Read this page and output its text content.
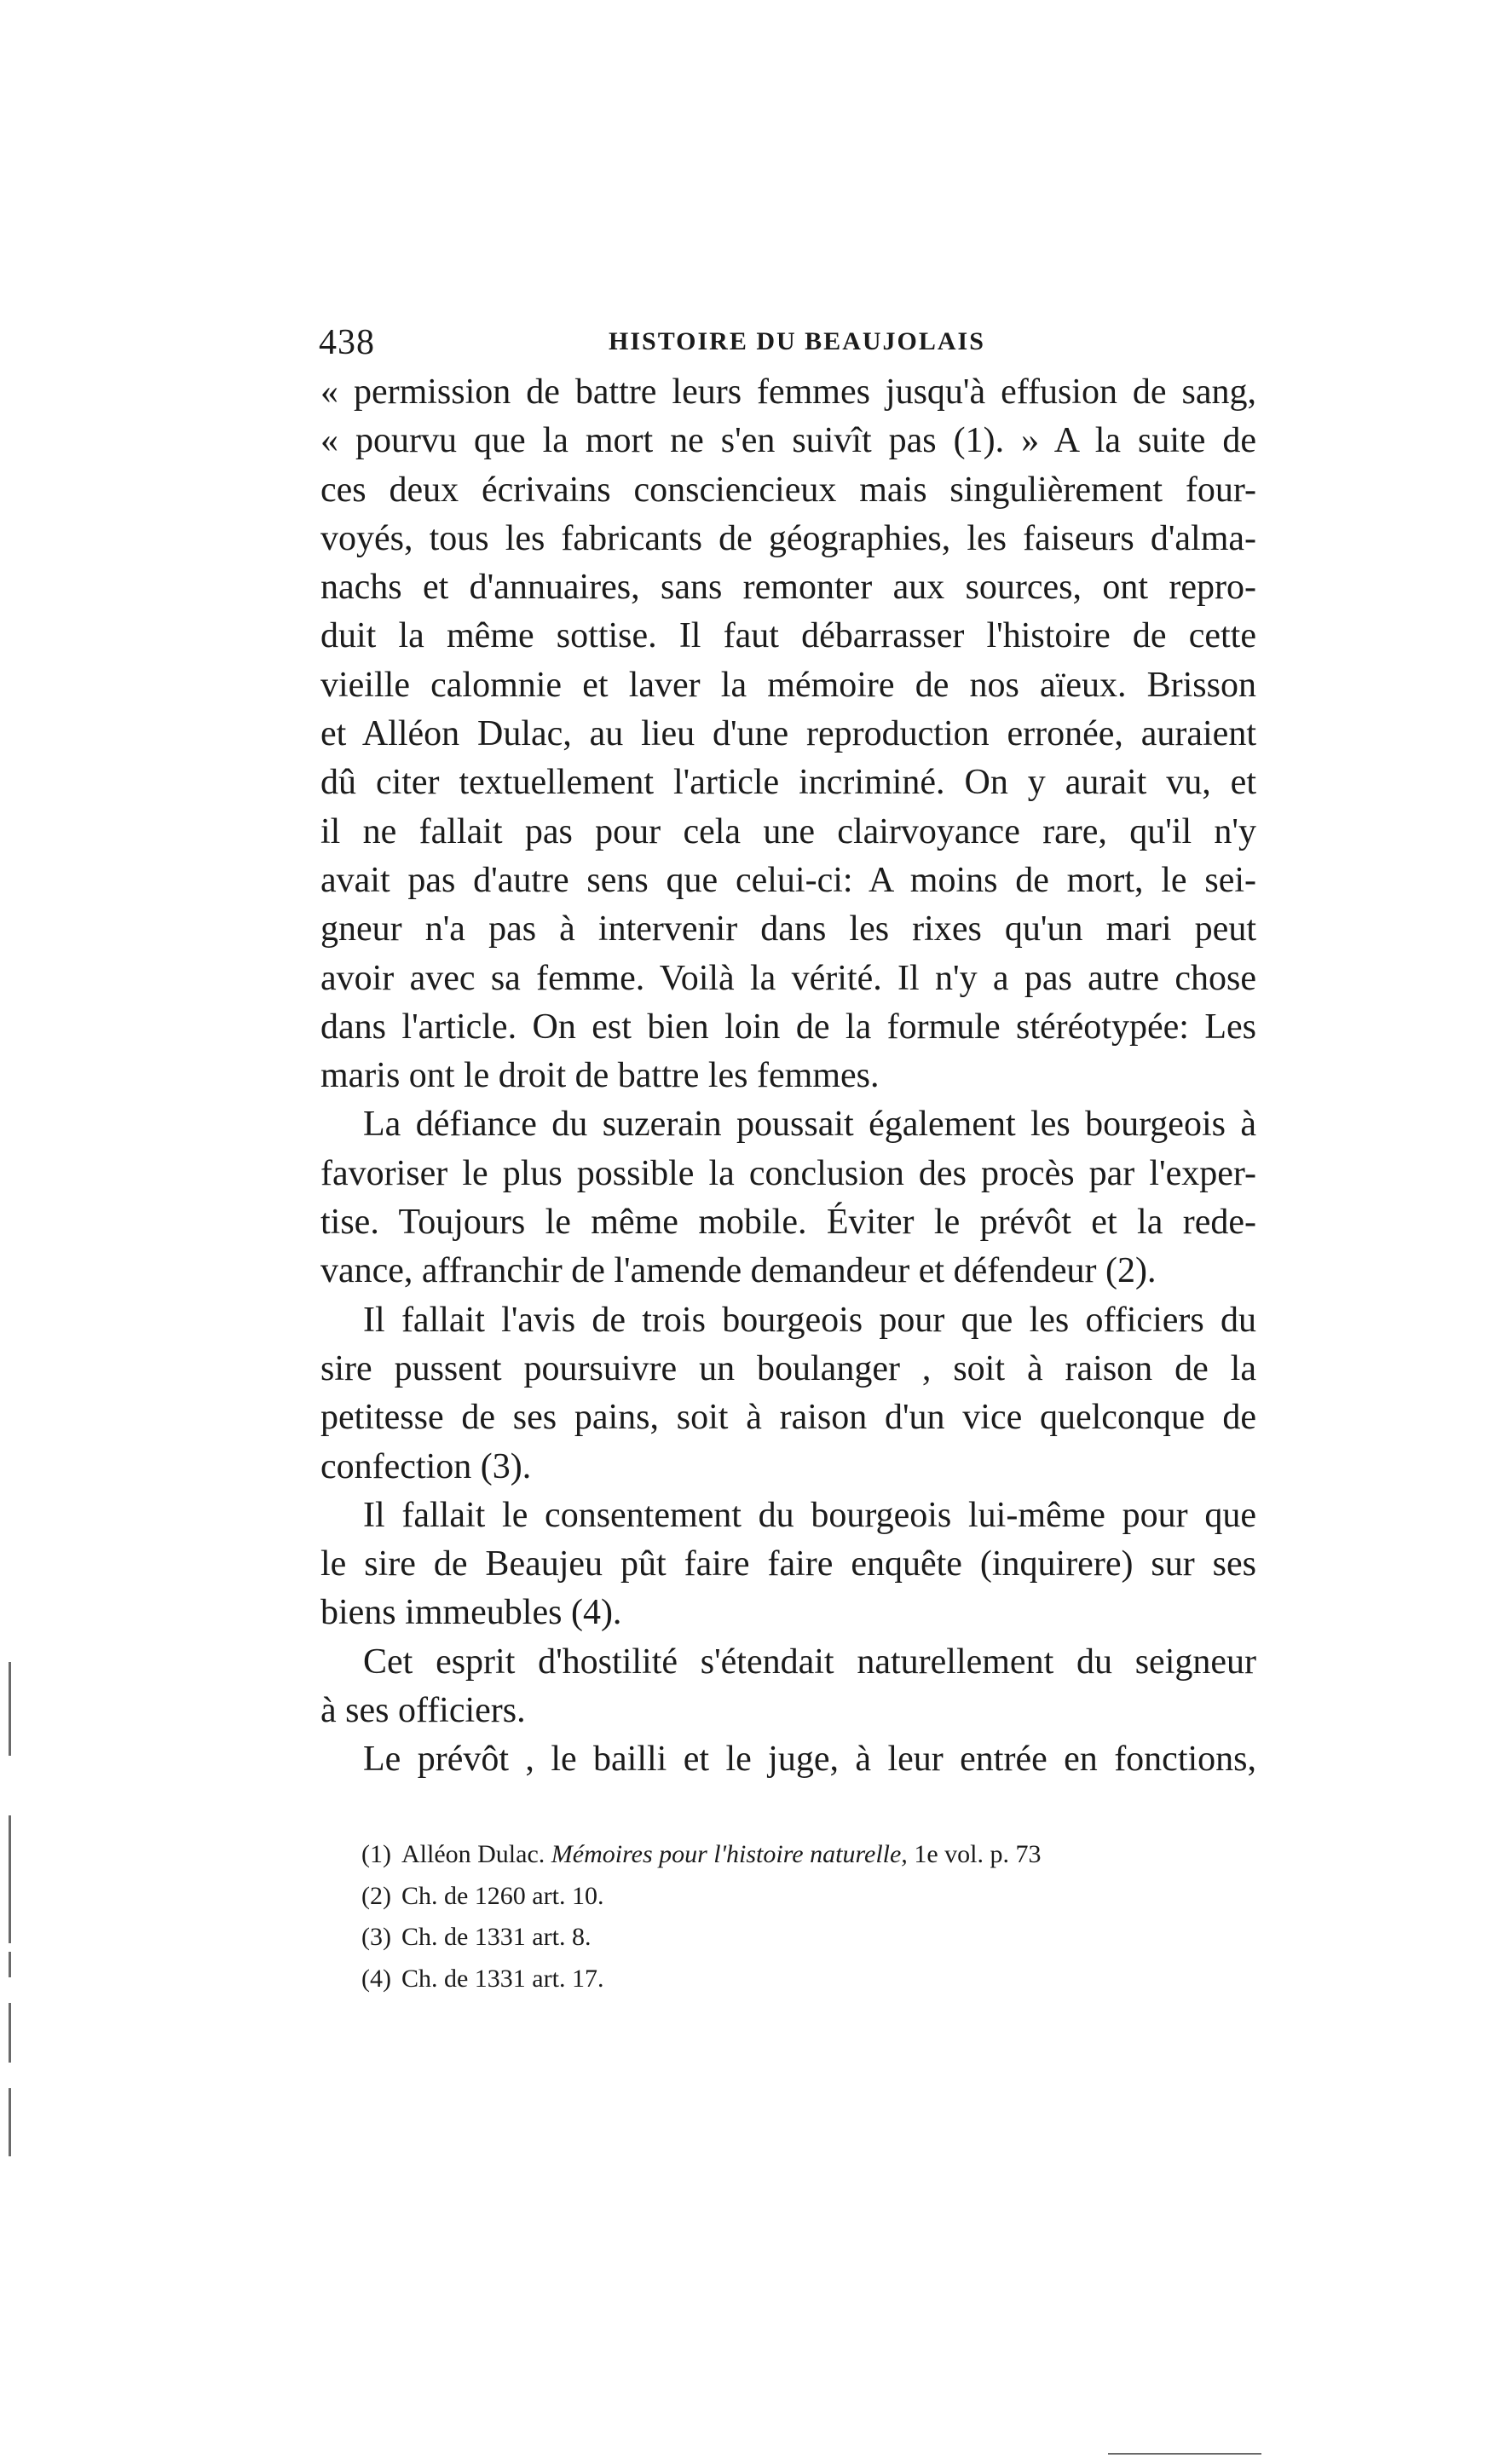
438	HISTOIRE DU BEAUJOLAIS
« permission de battre leurs femmes jusqu'à effusion de sang,
« pourvu que la mort ne s'en suivît pas (1). » A la suite de
ces deux écrivains consciencieux mais singulièrement four-
voyés, tous les fabricants de géographies, les faiseurs d'alma-
nachs et d'annuaires, sans remonter aux sources, ont repro-
duit la même sottise. Il faut débarrasser l'histoire de cette
vieille calomnie et laver la mémoire de nos aïeux. Brisson
et Alléon Dulac, au lieu d'une reproduction erronée, auraient
dû citer textuellement l'article incriminé. On y aurait vu, et
il ne fallait pas pour cela une clairvoyance rare, qu'il n'y
avait pas d'autre sens que celui-ci: A moins de mort, le sei-
gneur n'a pas à intervenir dans les rixes qu'un mari peut
avoir avec sa femme. Voilà la vérité. Il n'y a pas autre chose
dans l'article. On est bien loin de la formule stéréotypée: Les
maris ont le droit de battre les femmes.
La défiance du suzerain poussait également les bourgeois à
favoriser le plus possible la conclusion des procès par l'exper-
tise. Toujours le même mobile. Éviter le prévôt et la rede-
vance, affranchir de l'amende demandeur et défendeur (2).
Il fallait l'avis de trois bourgeois pour que les officiers du
sire pussent poursuivre un boulanger , soit à raison de la
petitesse de ses pains, soit à raison d'un vice quelconque de
confection (3).
Il fallait le consentement du bourgeois lui-même pour que
le sire de Beaujeu pût faire faire enquête (inquirere) sur ses
biens immeubles (4).
Cet esprit d'hostilité s'étendait naturellement du seigneur
à ses officiers.
Le prévôt , le bailli et le juge, à leur entrée en fonctions,
(1) Alléon Dulac. Mémoires pour l'histoire naturelle, 1e vol. p. 73
(2) Ch. de 1260 art. 10.
(3) Ch. de 1331 art. 8.
(4) Ch. de 1331 art. 17.
